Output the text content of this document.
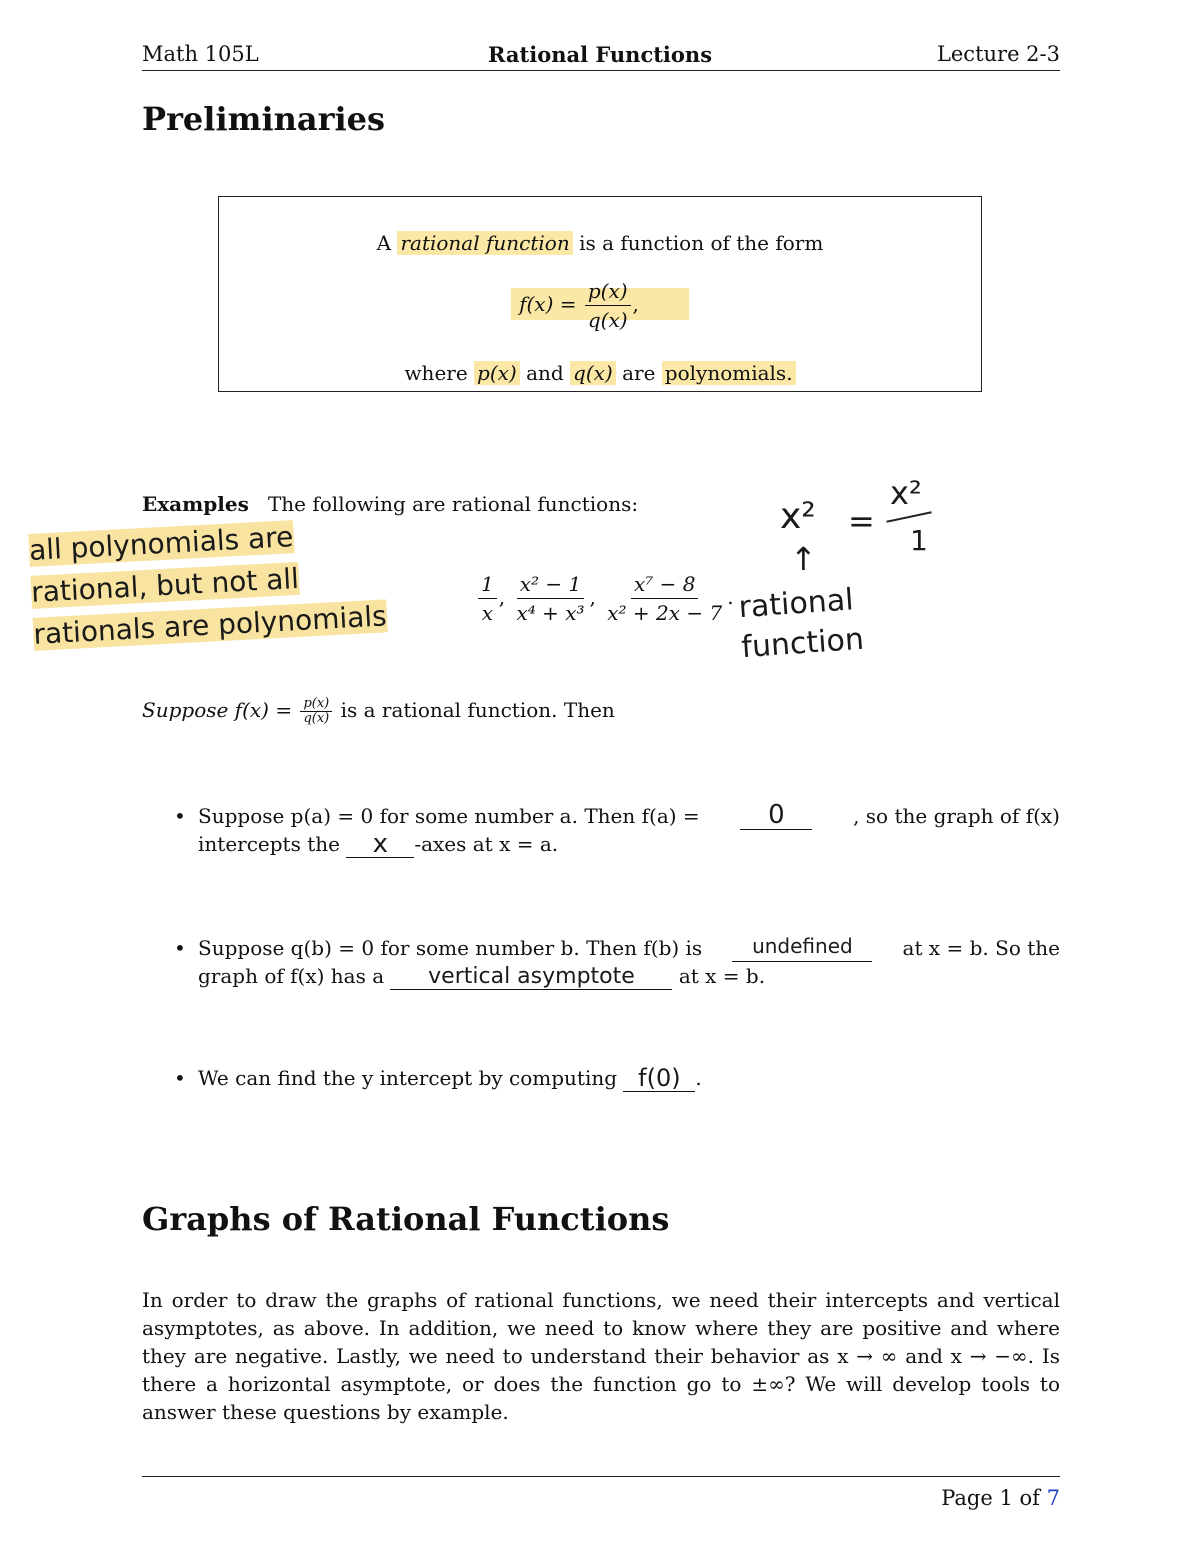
Math 105L	Rational Functions	Lecture 2-3
Preliminaries
A rational function is a function of the form
$f(x) = \frac{p(x)}{q(x)}$ ,
where p(x) and q(x) are polynomials.
Examples The following are rational functions:
$\frac{1}{x}$ , $\frac{\text{x² − 1}}{\text{x⁴ + x³}}$ , $\frac{\text{x⁷ − 8}}{\text{x² + 2x − 7}}$ .
all polynomials are
rational, but not all
rationals are polynomials
x² =
x²
1
↑
rational
function
Suppose $f(x) = \frac{p(x)}{q(x)}$ is a rational function. Then
• Suppose p(a) = 0 for some number a. Then f(a) =	0	, so the graph of f(x)
intercepts the x -axes at x = a.
• Suppose q(b) = 0 for some number b. Then f(b) is	undefined	at x = b. So the
graph of f(x) has a vertical asymptote at x = b.
• We can find the y intercept by computing f(0) .
Graphs of Rational Functions

In order to draw the graphs of rational functions, we need their intercepts and vertical asymptotes, as above. In addition, we need to know where they are positive and where they are negative. Lastly, we need to understand their behavior as x → ∞ and x → −∞. Is there a horizontal asymptote, or does the function go to ±∞? We will develop tools to answer these questions by example.

Page 1 of 7
